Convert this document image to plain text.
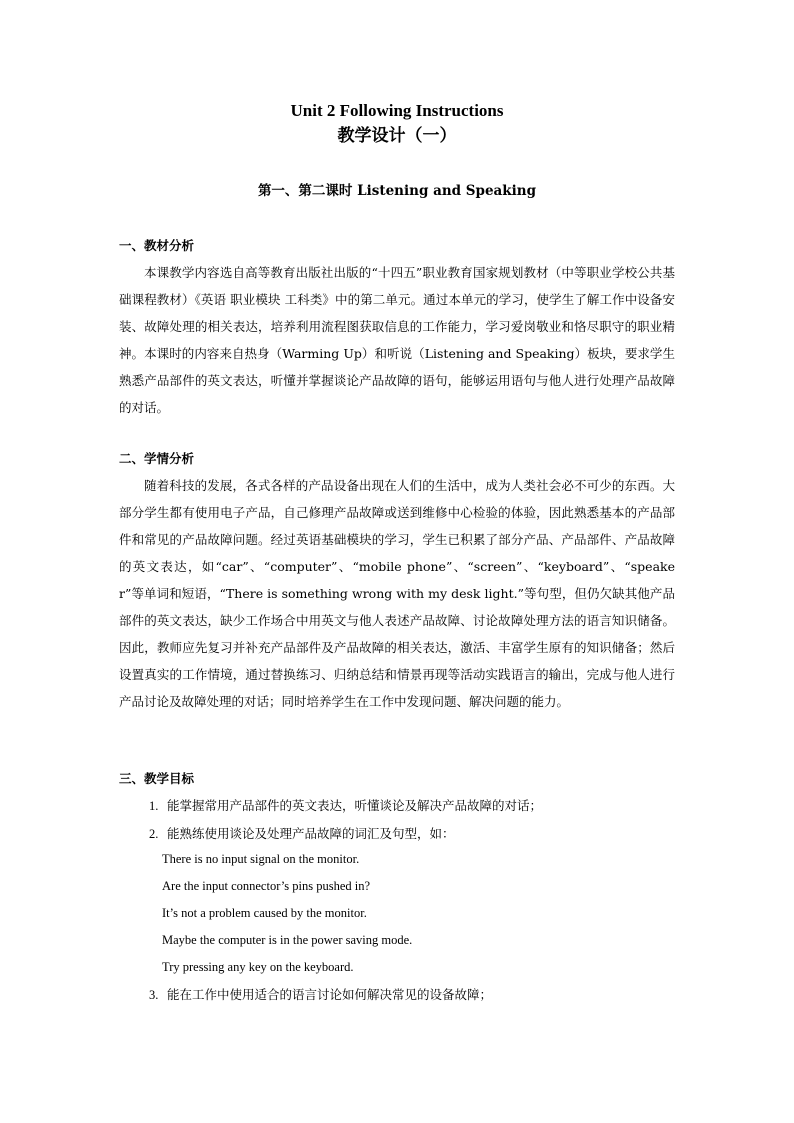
Unit 2 Following Instructions
教学设计（一）
第一、第二课时 Listening and Speaking
一、教材分析

本课教学内容选自高等教育出版社出版的“十四五”职业教育国家规划教材（中等职业学校公共基础课程教材）《英语 职业模块 工科类》中的第二单元。通过本单元的学习，使学生了解工作中设备安装、故障处理的相关表达，培养利用流程图获取信息的工作能力，学习爱岗敬业和恪尽职守的职业精神。本课时的内容来自热身（Warming Up）和听说（Listening and Speaking）板块，要求学生熟悉产品部件的英文表达，听懂并掌握谈论产品故障的语句，能够运用语句与他人进行处理产品故障的对话。

二、学情分析

随着科技的发展，各式各样的产品设备出现在人们的生活中，成为人类社会必不可少的东西。大部分学生都有使用电子产品，自己修理产品故障或送到维修中心检验的体验，因此熟悉基本的产品部件和常见的产品故障问题。经过英语基础模块的学习，学生已积累了部分产品、产品部件、产品故障的英文表达，如“car”、“computer”、“mobile phone”、“screen”、“keyboard”、“speaker”等单词和短语，“There is something wrong with my desk light.”等句型，但仍欠缺其他产品部件的英文表达，缺少工作场合中用英文与他人表述产品故障、讨论故障处理方法的语言知识储备。因此，教师应先复习并补充产品部件及产品故障的相关表达，激活、丰富学生原有的知识储备；然后设置真实的工作情境，通过替换练习、归纳总结和情景再现等活动实践语言的输出，完成与他人进行产品讨论及故障处理的对话；同时培养学生在工作中发现问题、解决问题的能力。

三、教学目标
1. 能掌握常用产品部件的英文表达，听懂谈论及解决产品故障的对话；
2. 能熟练使用谈论及处理产品故障的词汇及句型，如：
There is no input signal on the monitor.
Are the input connector’s pins pushed in?
It’s not a problem caused by the monitor.
Maybe the computer is in the power saving mode.
Try pressing any key on the keyboard.
3. 能在工作中使用适合的语言讨论如何解决常见的设备故障；
